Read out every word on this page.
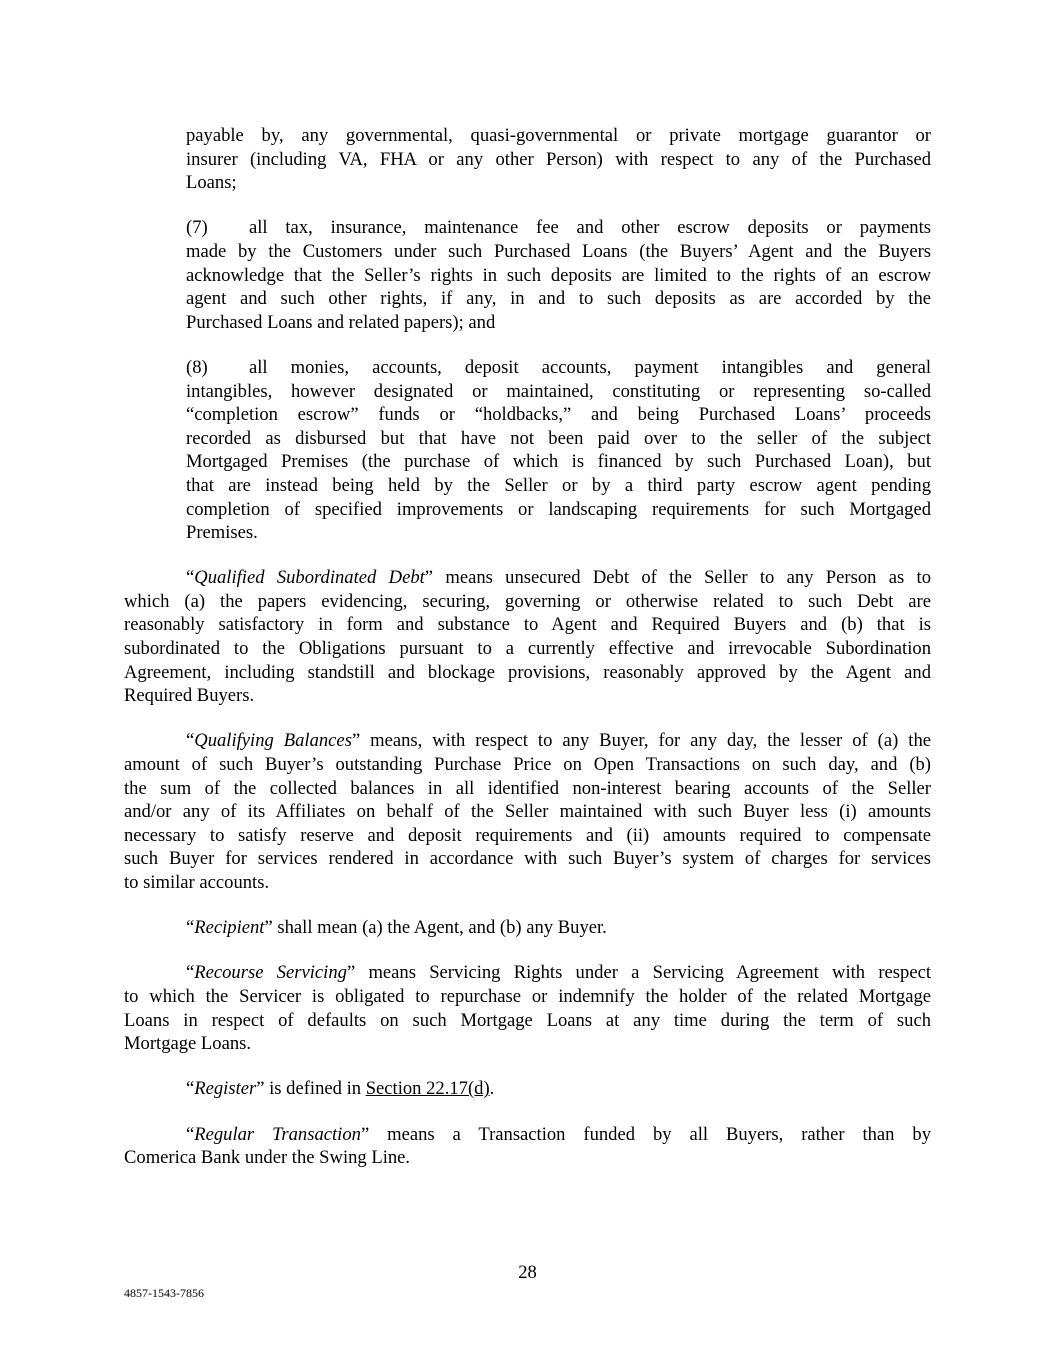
payable by, any governmental, quasi-governmental or private mortgage guarantor or
insurer (including VA, FHA or any other Person) with respect to any of the Purchased
Loans;
(7)	all tax, insurance, maintenance fee and other escrow deposits or payments
made by the Customers under such Purchased Loans (the Buyers’ Agent and the Buyers
acknowledge that the Seller’s rights in such deposits are limited to the rights of an escrow
agent and such other rights, if any, in and to such deposits as are accorded by the
Purchased Loans and related papers); and
(8)	all monies, accounts, deposit accounts, payment intangibles and general
intangibles, however designated or maintained, constituting or representing so-called
“completion escrow” funds or “holdbacks,” and being Purchased Loans’ proceeds
recorded as disbursed but that have not been paid over to the seller of the subject
Mortgaged Premises (the purchase of which is financed by such Purchased Loan), but
that are instead being held by the Seller or by a third party escrow agent pending
completion of specified improvements or landscaping requirements for such Mortgaged
Premises.
“Qualified Subordinated Debt” means unsecured Debt of the Seller to any Person as to
which (a) the papers evidencing, securing, governing or otherwise related to such Debt are
reasonably satisfactory in form and substance to Agent and Required Buyers and (b) that is
subordinated to the Obligations pursuant to a currently effective and irrevocable Subordination
Agreement, including standstill and blockage provisions, reasonably approved by the Agent and
Required Buyers.
“Qualifying Balances” means, with respect to any Buyer, for any day, the lesser of (a) the
amount of such Buyer’s outstanding Purchase Price on Open Transactions on such day, and (b)
the sum of the collected balances in all identified non-interest bearing accounts of the Seller
and/or any of its Affiliates on behalf of the Seller maintained with such Buyer less (i) amounts
necessary to satisfy reserve and deposit requirements and (ii) amounts required to compensate
such Buyer for services rendered in accordance with such Buyer’s system of charges for services
to similar accounts.
“Recipient” shall mean (a) the Agent, and (b) any Buyer.
“Recourse Servicing” means Servicing Rights under a Servicing Agreement with respect
to which the Servicer is obligated to repurchase or indemnify the holder of the related Mortgage
Loans in respect of defaults on such Mortgage Loans at any time during the term of such
Mortgage Loans.
“Register” is defined in Section 22.17(d).
“Regular Transaction” means a Transaction funded by all Buyers, rather than by
Comerica Bank under the Swing Line.
28
4857-1543-7856
